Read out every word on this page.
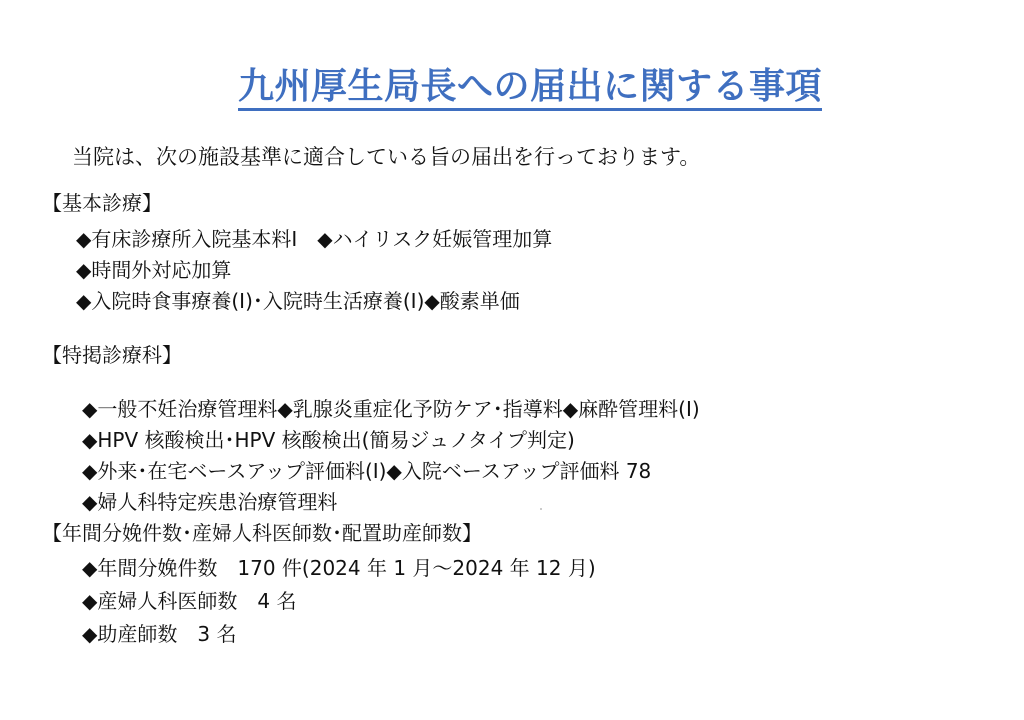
九州厚生局長への届出に関する事項
当院は、次の施設基準に適合している旨の届出を行っております。
【基本診療】
◆有床診療所入院基本料Ⅰ　◆ハイリスク妊娠管理加算
◆時間外対応加算
◆入院時食事療養(Ⅰ)･入院時生活療養(Ⅰ)◆酸素単価
【特掲診療科】
◆一般不妊治療管理料◆乳腺炎重症化予防ケア･指導料◆麻酔管理料(Ⅰ)
◆HPV 核酸検出･HPV 核酸検出(簡易ジュノタイプ判定)
◆外来･在宅ベースアップ評価料(Ⅰ)◆入院ベースアップ評価料 78
◆婦人科特定疾患治療管理料
【年間分娩件数･産婦人科医師数･配置助産師数】
◆年間分娩件数　170 件(2024 年 1 月～2024 年 12 月)
◆産婦人科医師数　4 名
◆助産師数　3 名
